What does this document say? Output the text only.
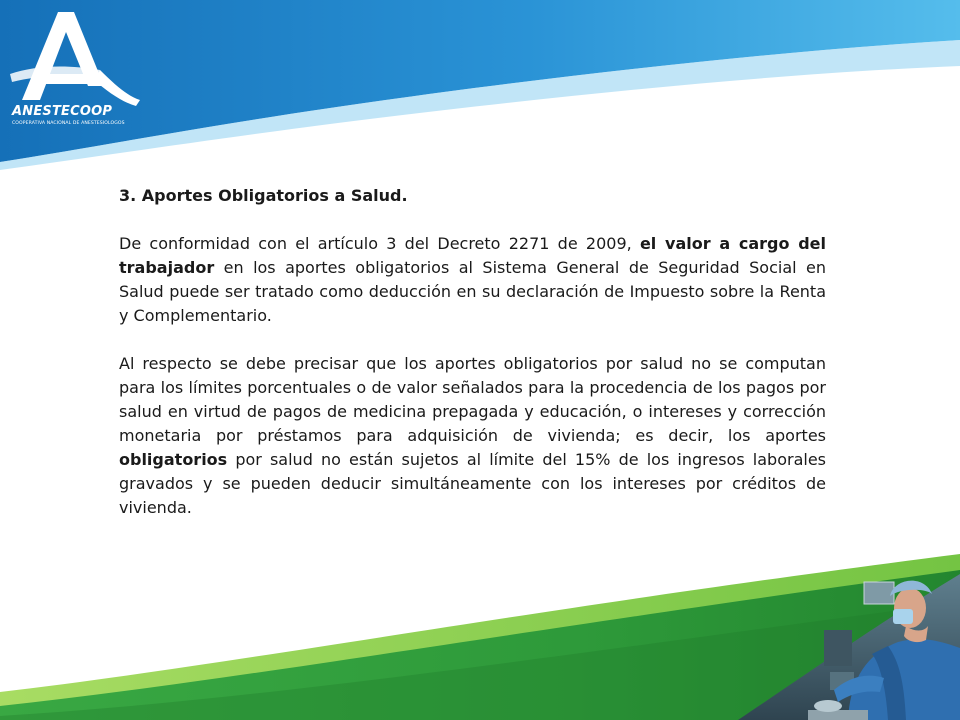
ANESTECOOP
COOPERATIVA NACIONAL DE ANESTESIOLOGOS
3. Aportes Obligatorios a Salud.

De conformidad con el artículo 3 del Decreto 2271 de 2009, el valor a cargo del trabajador en los aportes obligatorios al Sistema General de Seguridad Social en Salud puede ser tratado como deducción en su declaración de Impuesto sobre la Renta y Complementario.

Al respecto se debe precisar que los aportes obligatorios por salud no se computan para los límites porcentuales o de valor señalados para la procedencia de los pagos por salud en virtud de pagos de medicina prepagada y educación, o intereses y corrección monetaria por préstamos para adquisición de vivienda; es decir, los aportes obligatorios por salud no están sujetos al límite del 15% de los ingresos laborales gravados y se pueden deducir simultáneamente con los intereses por créditos de vivienda.
